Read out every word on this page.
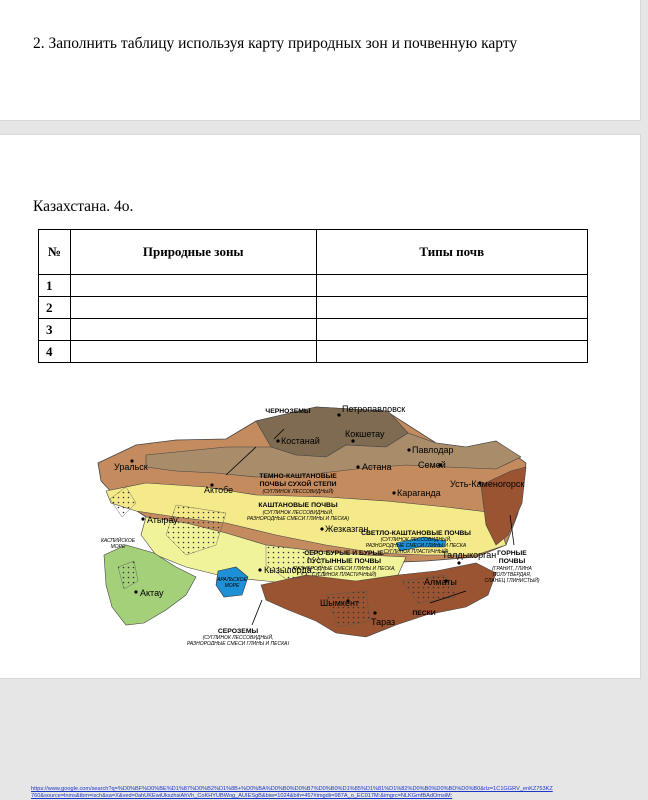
2. Заполнить таблицу используя карту природных зон и почвенную карту
Казахстана. 4о.
№	Природные зоны	Типы почв
1		
2		
3		
4		
ЧЕРНОЗЕМЫ
ТЕМНО-КАШТАНОВЫЕ
ПОЧВЫ СУХОЙ СТЕПИ
(СУГЛИНОК ЛЕССОВИДНЫЙ)
КАШТАНОВЫЕ ПОЧВЫ
(СУГЛИНОК ЛЕССОВИДНЫЙ,
РАЗНОРОДНЫЕ СМЕСИ ГЛИНЫ И ПЕСКА)
СВЕТЛО-КАШТАНОВЫЕ ПОЧВЫ
(СУГЛИНОК ЛЕССОВИДНЫЙ,
РАЗНОРОДНЫЕ СМЕСИ ГЛИНЫ И ПЕСКА
СУГЛИНОК ПЛАСТИЧНЫЙ)
СЕРО-БУРЫЕ И БУРЫЕ
ПУСТЫННЫЕ ПОЧВЫ
(РАЗНОРОДНЫЕ СМЕСИ ГЛИНЫ И ПЕСКА,
СУГЛИНОК ПЛАСТИЧНЫЙ)
СЕРОЗЕМЫ
(СУГЛИНОК ЛЕССОВИДНЫЙ,
РАЗНОРОДНЫЕ СМЕСИ ГЛИНЫ И ПЕСКА)
ГОРНЫЕ
ПОЧВЫ
(ГРАНИТ, ГЛИНА
ПОЛУТВЕРДАЯ,
СЛАНЕЦ ГЛИНИСТЫЙ)
ПЕСКИ
КАСПИЙСКОЕ
МОРЕ
АРАЛЬСКОЕ
МОРЕ
Петропавловск
Костанай
Кокшетау
Павлодар
Уральск	Астана	Семей
Актобе
Усть-Каменогорск
Караганда
Атырау
Жезказган
Талдыкорган
Кызылорда
Алматы
Актау
Шымкент
Тараз
https://www.google.com/search?q=%D0%BF%D0%BE%D1%87%D0%B2%D1%8B+%D0%BA%D0%B0%D0%B7%D0%B0%D1%85%D1%81%D1%82%D0%B0%D0%BD%D0%B0&rlz=1C1GGRV_enKZ753KZ
760&source=lnms&tbm=isch&sa=X&ved=0ahUKEwiUkszhsiAhVh_CoKHYUBWog_AUIESgB&biw=1024&bih=457#imgdii=987A_o_EC017M:&imgrc=NLKGmfBAdOmsiM:
